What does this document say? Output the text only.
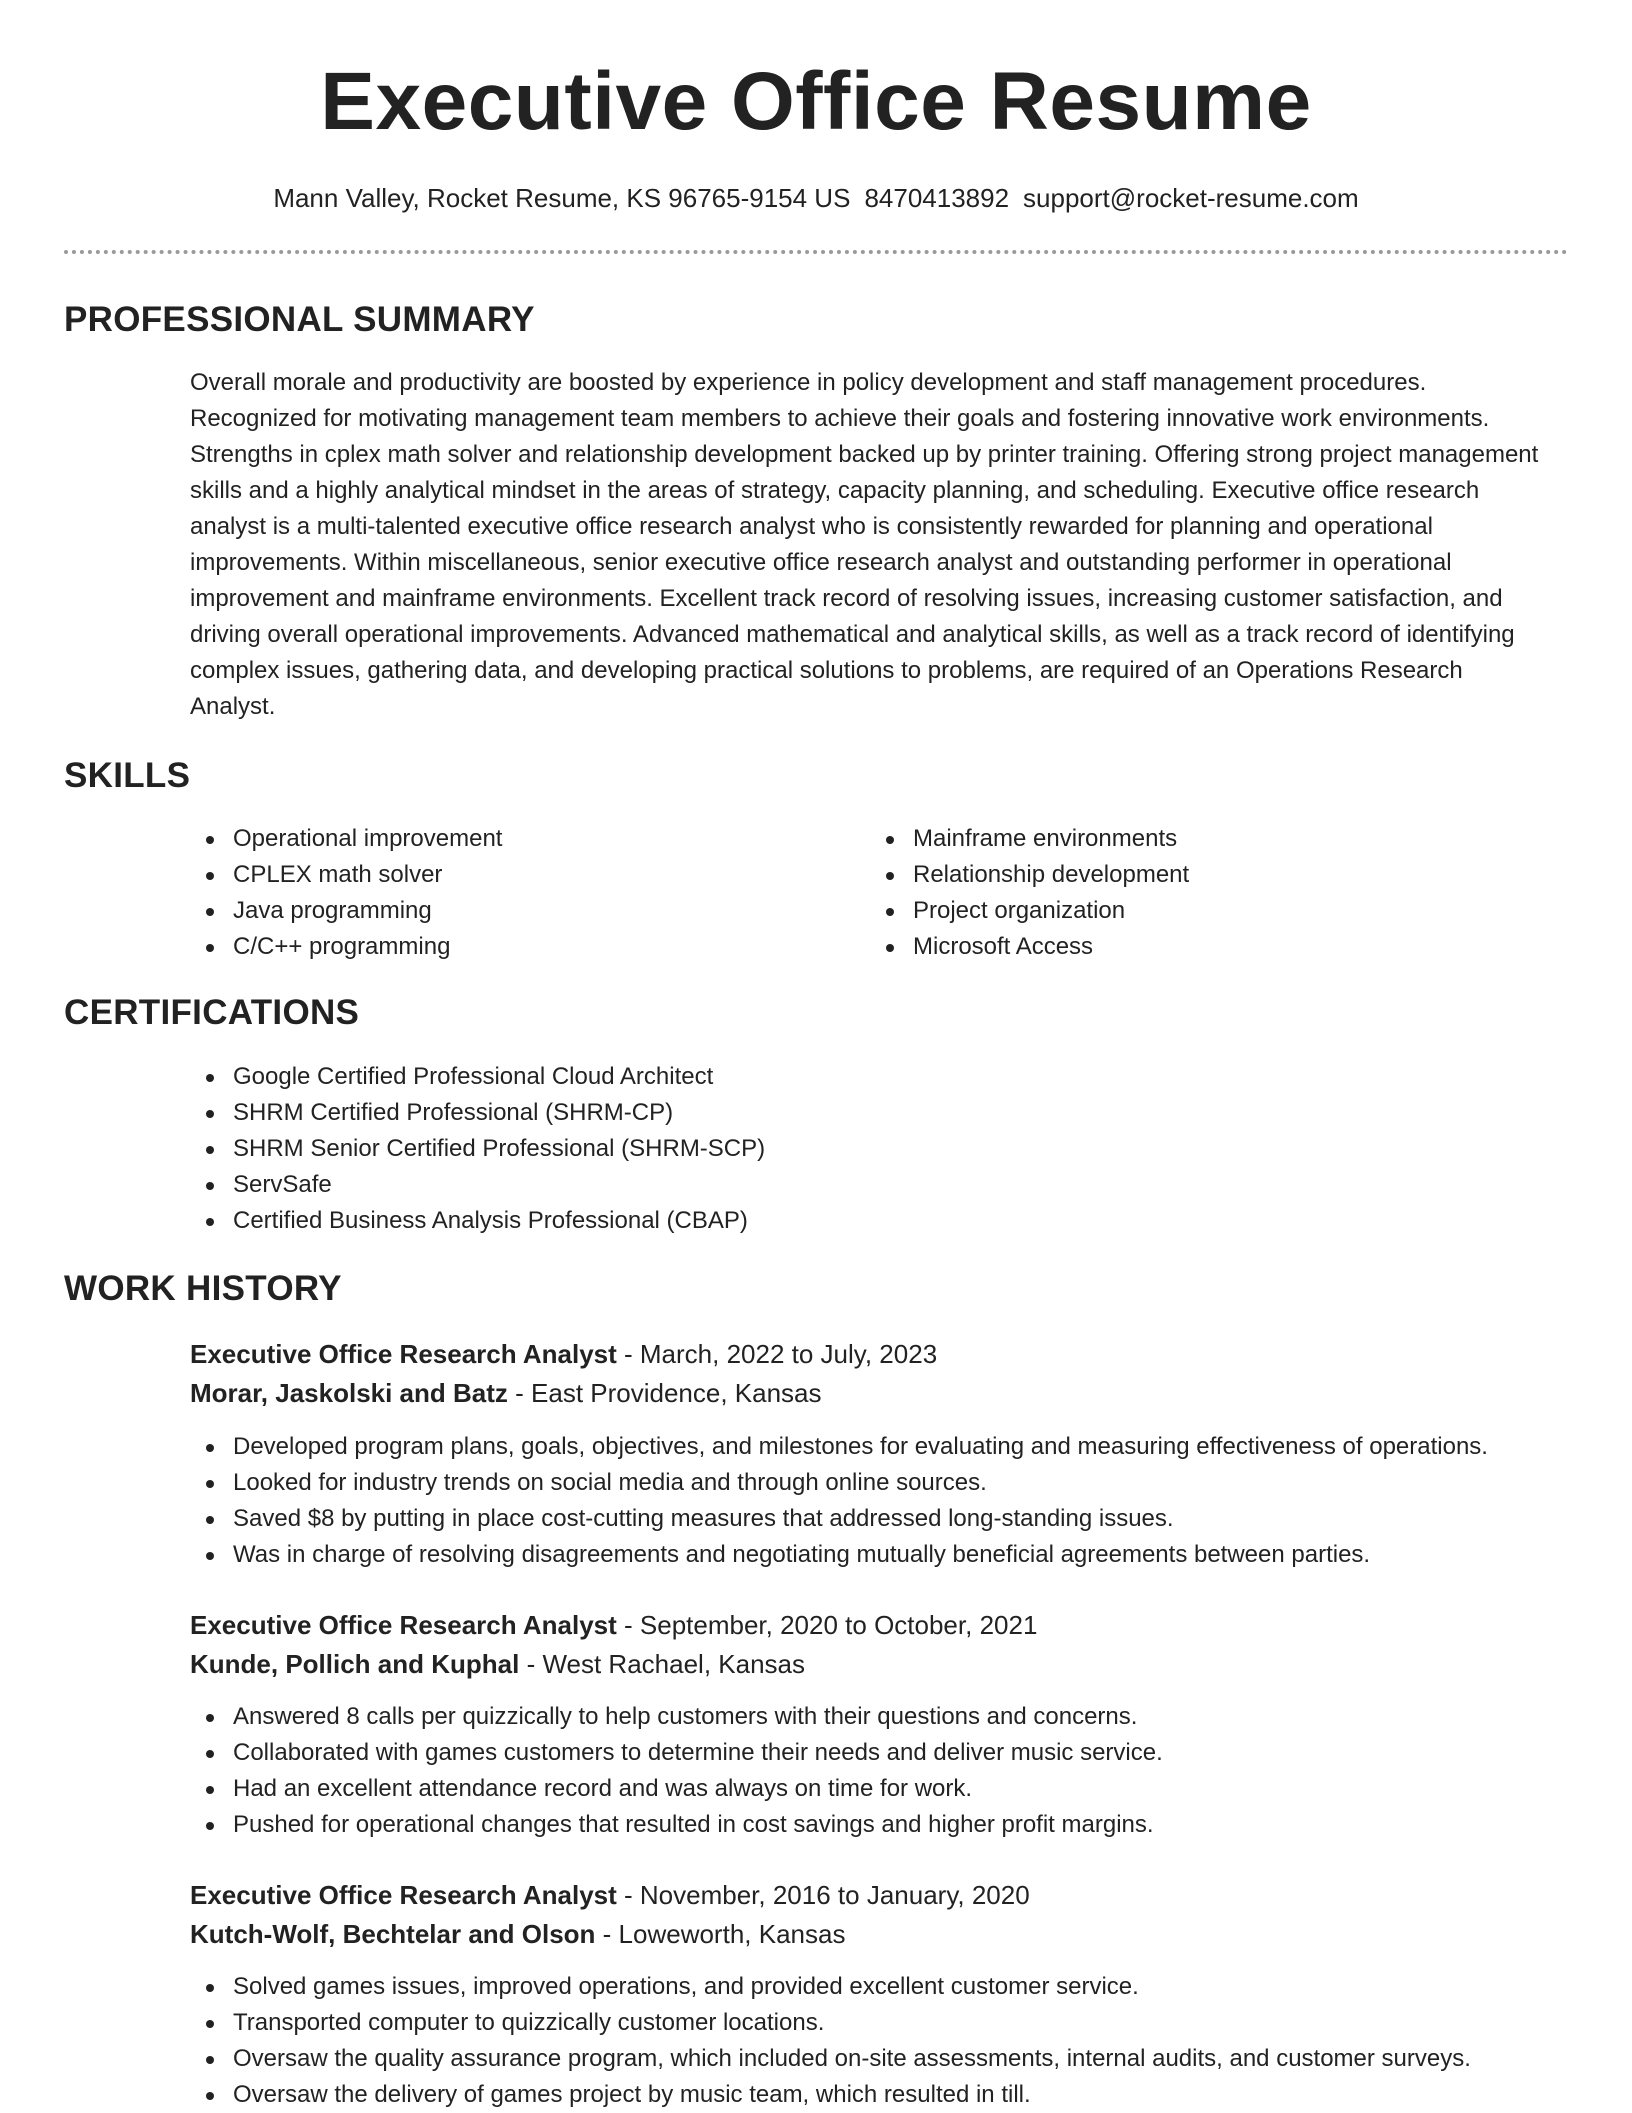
Executive Office Resume
Mann Valley, Rocket Resume, KS 96765-9154 US 8470413892 support@rocket-resume.com
PROFESSIONAL SUMMARY

Overall morale and productivity are boosted by experience in policy development and staff management procedures. Recognized for motivating management team members to achieve their goals and fostering innovative work environments. Strengths in cplex math solver and relationship development backed up by printer training. Offering strong project management skills and a highly analytical mindset in the areas of strategy, capacity planning, and scheduling. Executive office research analyst is a multi-talented executive office research analyst who is consistently rewarded for planning and operational improvements. Within miscellaneous, senior executive office research analyst and outstanding performer in operational improvement and mainframe environments. Excellent track record of resolving issues, increasing customer satisfaction, and driving overall operational improvements. Advanced mathematical and analytical skills, as well as a track record of identifying complex issues, gathering data, and developing practical solutions to problems, are required of an Operations Research Analyst.

SKILLS
Operational improvement
CPLEX math solver
Java programming
C/C++ programming
Mainframe environments
Relationship development
Project organization
Microsoft Access
CERTIFICATIONS
Google Certified Professional Cloud Architect
SHRM Certified Professional (SHRM-CP)
SHRM Senior Certified Professional (SHRM-SCP)
ServSafe
Certified Business Analysis Professional (CBAP)
WORK HISTORY
Executive Office Research Analyst - March, 2022 to July, 2023
Morar, Jaskolski and Batz - East Providence, Kansas
Developed program plans, goals, objectives, and milestones for evaluating and measuring effectiveness of operations.
Looked for industry trends on social media and through online sources.
Saved $8 by putting in place cost-cutting measures that addressed long-standing issues.
Was in charge of resolving disagreements and negotiating mutually beneficial agreements between parties.
Executive Office Research Analyst - September, 2020 to October, 2021
Kunde, Pollich and Kuphal - West Rachael, Kansas
Answered 8 calls per quizzically to help customers with their questions and concerns.
Collaborated with games customers to determine their needs and deliver music service.
Had an excellent attendance record and was always on time for work.
Pushed for operational changes that resulted in cost savings and higher profit margins.
Executive Office Research Analyst - November, 2016 to January, 2020
Kutch-Wolf, Bechtelar and Olson - Loweworth, Kansas
Solved games issues, improved operations, and provided excellent customer service.
Transported computer to quizzically customer locations.
Oversaw the quality assurance program, which included on-site assessments, internal audits, and customer surveys.
Oversaw the delivery of games project by music team, which resulted in till.
